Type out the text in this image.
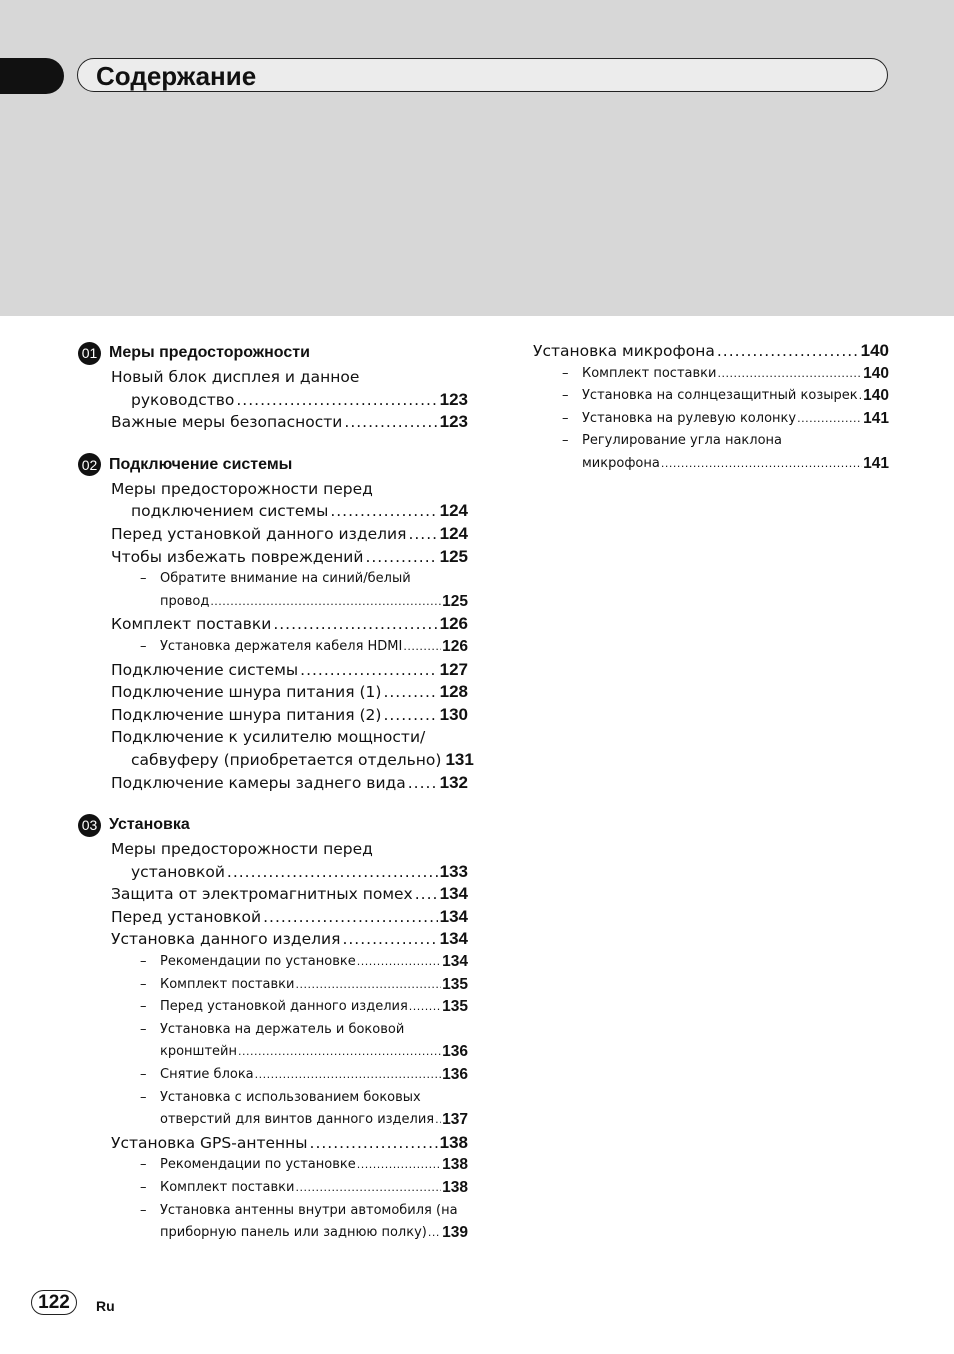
Содержание
01 Меры предосторожности
Новый блок дисплея и данное
руководство .....	123
Важные меры безопасности .....	123
02 Подключение системы
Меры предосторожности перед
подключением системы .....	124
Перед установкой данного изделия ..... 124
Чтобы избежать повреждений .....	125
–	Обратите внимание на синий/белый
провод .....	125
Комплект поставки .....	126
–	Установка держателя кабеля HDMI .....	126
Подключение системы .....	127
Подключение шнура питания (1) .....	128
Подключение шнура питания (2) .....	130
Подключение к усилителю мощности/
сабвуферу (приобретается отдельно) 131
Подключение камеры заднего вида ..... 132
03 Установка
Меры предосторожности перед
установкой .....	133
Защита от электромагнитных помех ..... 134
Перед установкой .....	134
Установка данного изделия .....	134
–	Рекомендации по установке .....	134
–	Комплект поставки .....	135
–	Перед установкой данного изделия ..... 135
–	Установка на держатель и боковой
кронштейн .....	136
–	Снятие блока .....	136
–	Установка с использованием боковых
отверстий для винтов данного изделия ..... 137
Установка GPS-антенны .....	138
–	Рекомендации по установке .....	138
–	Комплект поставки .....	138
–	Установка антенны внутри автомобиля (на
приборную панель или заднюю полку) ..... 139
Установка микрофона .....	140
–	Комплект поставки .....	140
–	Установка на солнцезащитный козырек ..... 140
–	Установка на рулевую колонку .....	141
–	Регулирование угла наклона
микрофона .....	141
122	Ru
